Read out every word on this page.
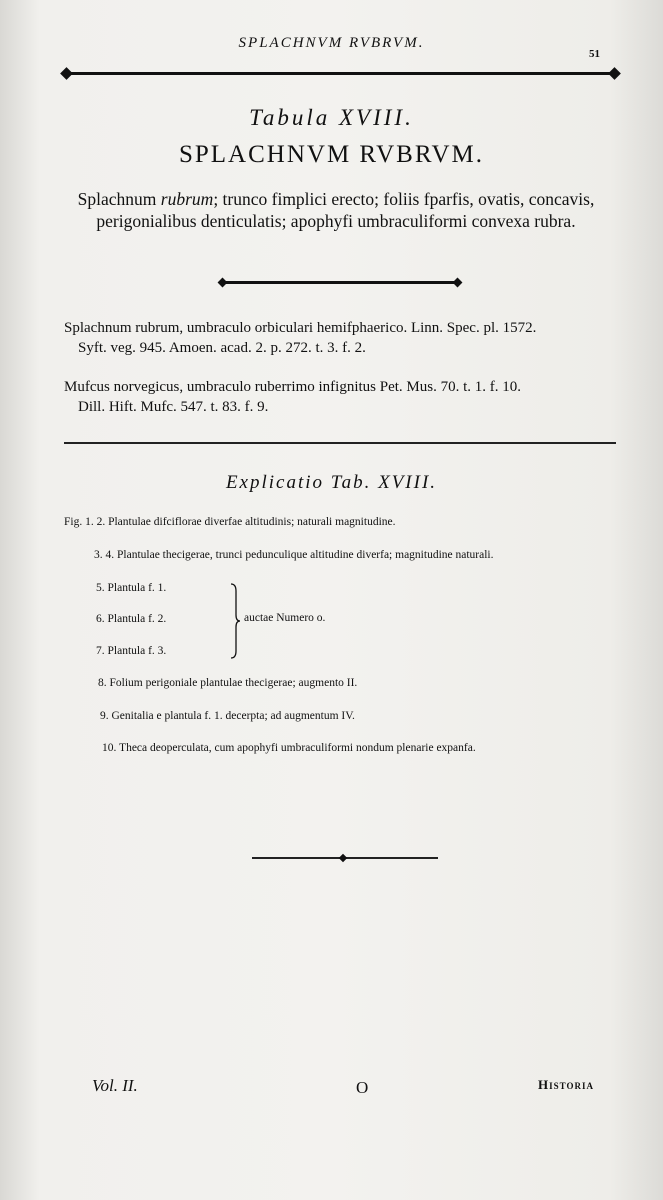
SPLACHNVM RVBRVM.
51
Tabula XVIII.
SPLACHNVM RVBRVM.
Splachnum rubrum; trunco fimplici erecto; foliis fparfis, ovatis, concavis, perigonialibus denticulatis; apophyfi umbraculiformi convexa rubra.
Splachnum rubrum, umbraculo orbiculari hemifphaerico. Linn. Spec. pl. 1572.
Syft. veg. 945. Amoen. acad. 2. p. 272. t. 3. f. 2.
Mufcus norvegicus, umbraculo ruberrimo infignitus Pet. Mus. 70. t. 1. f. 10.
Dill. Hift. Mufc. 547. t. 83. f. 9.
Explicatio Tab. XVIII.
Fig. 1. 2. Plantulae difciflorae diverfae altitudinis; naturali magnitudine.
3. 4. Plantulae thecigerae, trunci pedunculique altitudine diverfa; magnitudine naturali.
5. Plantula f. 1.
6. Plantula f. 2.
7. Plantula f. 3.
auctae Numero o.
8. Folium perigoniale plantulae thecigerae; augmento II.
9. Genitalia e plantula f. 1. decerpta; ad augmentum IV.
10. Theca deoperculata, cum apophyfi umbraculiformi nondum plenarie expanfa.
Vol. II.	O	Historia
